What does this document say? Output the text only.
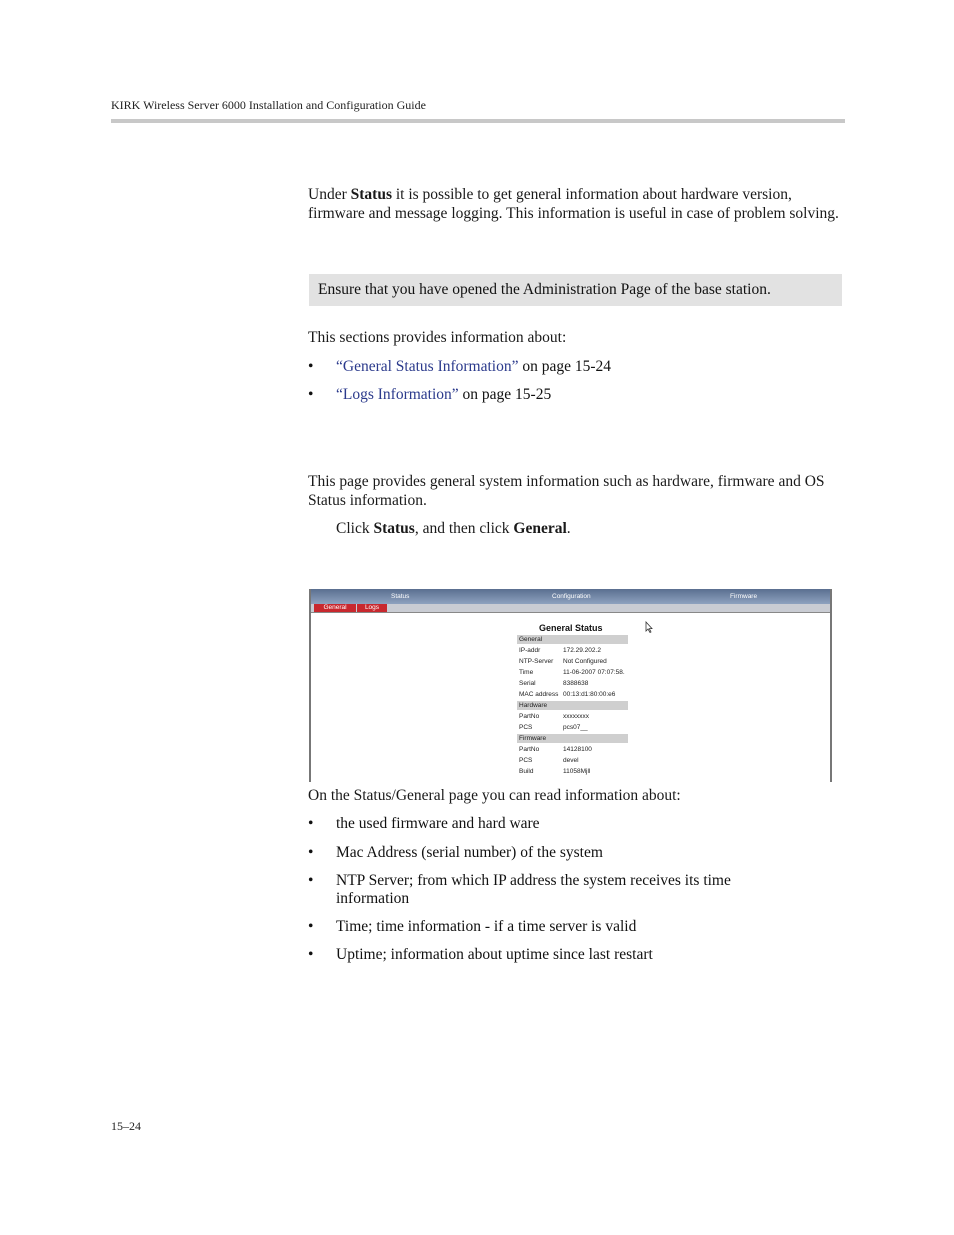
KIRK Wireless Server 6000 Installation and Configuration Guide
Under Status it is possible to get general information about hardware version, firmware and message logging. This information is useful in case of problem solving.
Ensure that you have opened the Administration Page of the base station.
This sections provides information about:
• “General Status Information” on page 15-24
• “Logs Information” on page 15-25
This page provides general system information such as hardware, firmware and OS Status information.
Click Status, and then click General.
Status	Configuration	Firmware
General	Logs
General Status
General
IP-addr	172.29.202.2
NTP-Server Not Configured
Time	11-06-2007 07:07:58.
Serial	8388638
MAC address 00:13:d1:80:00:e6
Hardware
PartNo	xxxxxxxx
PCS	pcs07__
Firmware
PartNo	14128100
PCS	devel
Build	11058Mjll
On the Status/General page you can read information about:
• the used firmware and hard ware
• Mac Address (serial number) of the system
• NTP Server; from which IP address the system receives its time information
• Time; time information - if a time server is valid
• Uptime; information about uptime since last restart
15–24
